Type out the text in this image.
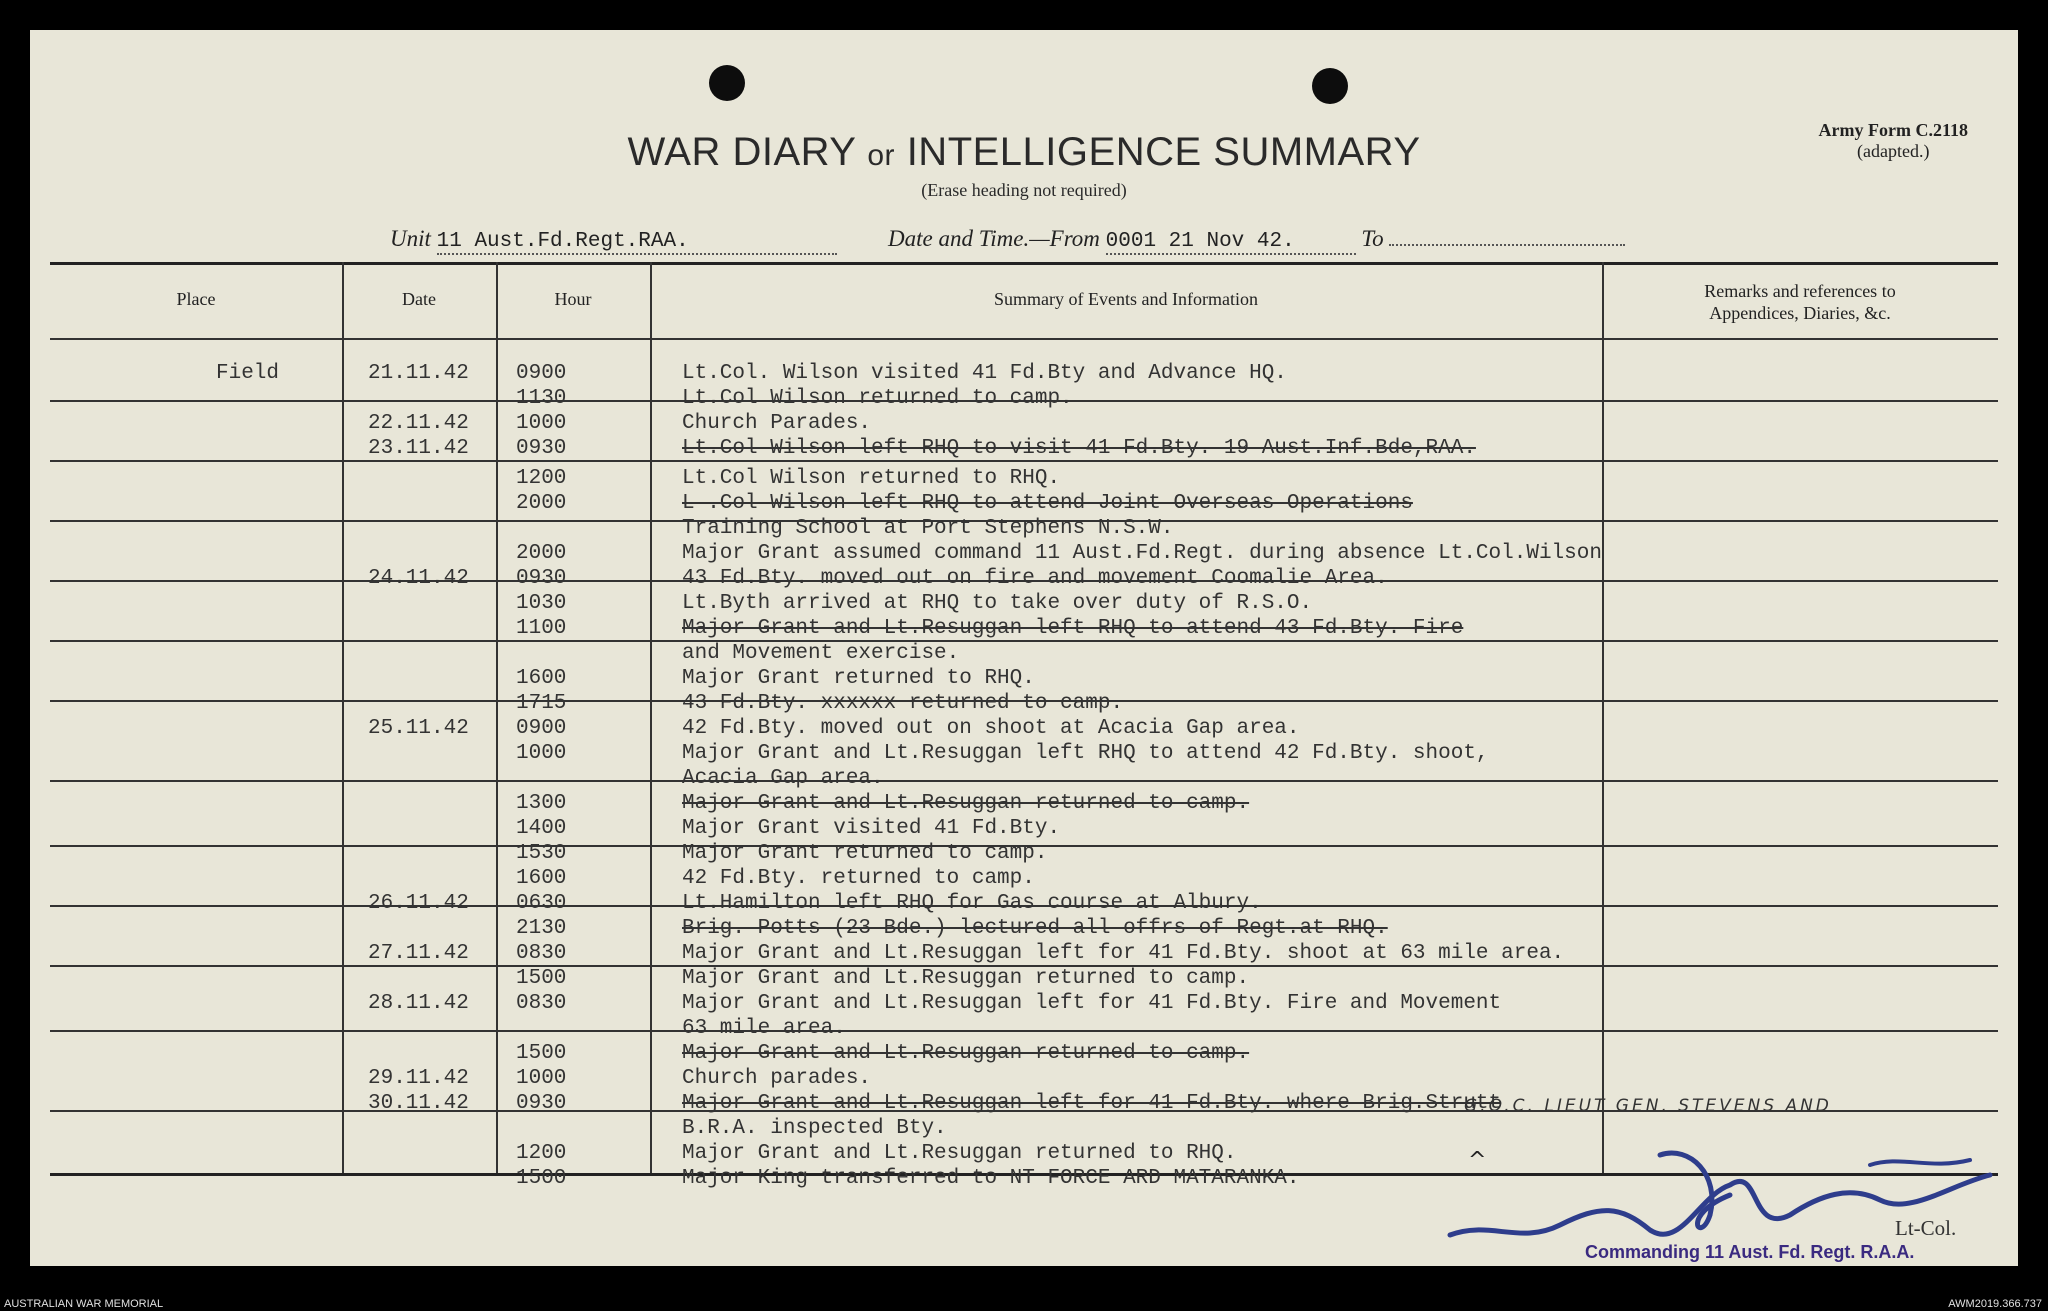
WAR DIARY or INTELLIGENCE SUMMARY
(Erase heading not required)
Army Form C.2118
(adapted.)
Unit 11 Aust.Fd.Regt.RAA.	Date and Time.—From 0001 21 Nov 42.	To
Place	Date	Hour	Summary of Events and Information	Remarks and references to
Appendices, Diaries, &c.
Field	21.11.42 0900	Lt.Col. Wilson visited 41 Fd.Bty and Advance HQ.
1130	Lt.Col Wilson returned to camp.
22.11.42 1000	Church Parades.
23.11.42 0930	Lt.Col Wilson left RHQ to visit 41 Fd.Bty. 19 Aust.Inf.Bde,RAA.
1200	Lt.Col Wilson returned to RHQ.
2000	L .Col Wilson left RHQ to attend Joint Overseas Operations
Training School at Port Stephens N.S.W.
2000	Major Grant assumed command 11 Aust.Fd.Regt. during absence Lt.Col.Wilson
24.11.42 0930	43 Fd.Bty. moved out on fire and movement Coomalie Area.
1030	Lt.Byth arrived at RHQ to take over duty of R.S.O.
1100	Major Grant and Lt.Resuggan left RHQ to attend 43 Fd.Bty. Fire
and Movement exercise.
1600	Major Grant returned to RHQ.
1715	43 Fd.Bty. xxxxxx returned to camp.
25.11.42 0900	42 Fd.Bty. moved out on shoot at Acacia Gap area.
1000	Major Grant and Lt.Resuggan left RHQ to attend 42 Fd.Bty. shoot,
Acacia Gap area.
1300	Major Grant and Lt.Resuggan returned to camp.
1400	Major Grant visited 41 Fd.Bty.
1530	Major Grant returned to camp.
1600	42 Fd.Bty. returned to camp.
26.11.42 0630	Lt.Hamilton left RHQ for Gas course at Albury.
2130	Brig. Potts (23 Bde.) lectured all offrs of Regt.at RHQ.
27.11.42 0830	Major Grant and Lt.Resuggan left for 41 Fd.Bty. shoot at 63 mile area.
1500	Major Grant and Lt.Resuggan returned to camp.
28.11.42 0830	Major Grant and Lt.Resuggan left for 41 Fd.Bty. Fire and Movement
63 mile area.
1500	Major Grant and Lt.Resuggan returned to camp.
29.11.42 1000	Church parades.
30.11.42 0930	Major Grant and Lt.Resuggan left for 41 Fd.Bty. where Brig.Strutt
B.R.A. inspected Bty.
1200	Major Grant and Lt.Resuggan returned to RHQ.
1500	Major King transferred to NT FORCE ARD MATARANKA.
G.O.C. LIEUT GEN. STEVENS AND
^
Lt-Col.
Commanding 11 Aust. Fd. Regt. R.A.A.
AUSTRALIAN WAR MEMORIAL	AWM2019.366.737
